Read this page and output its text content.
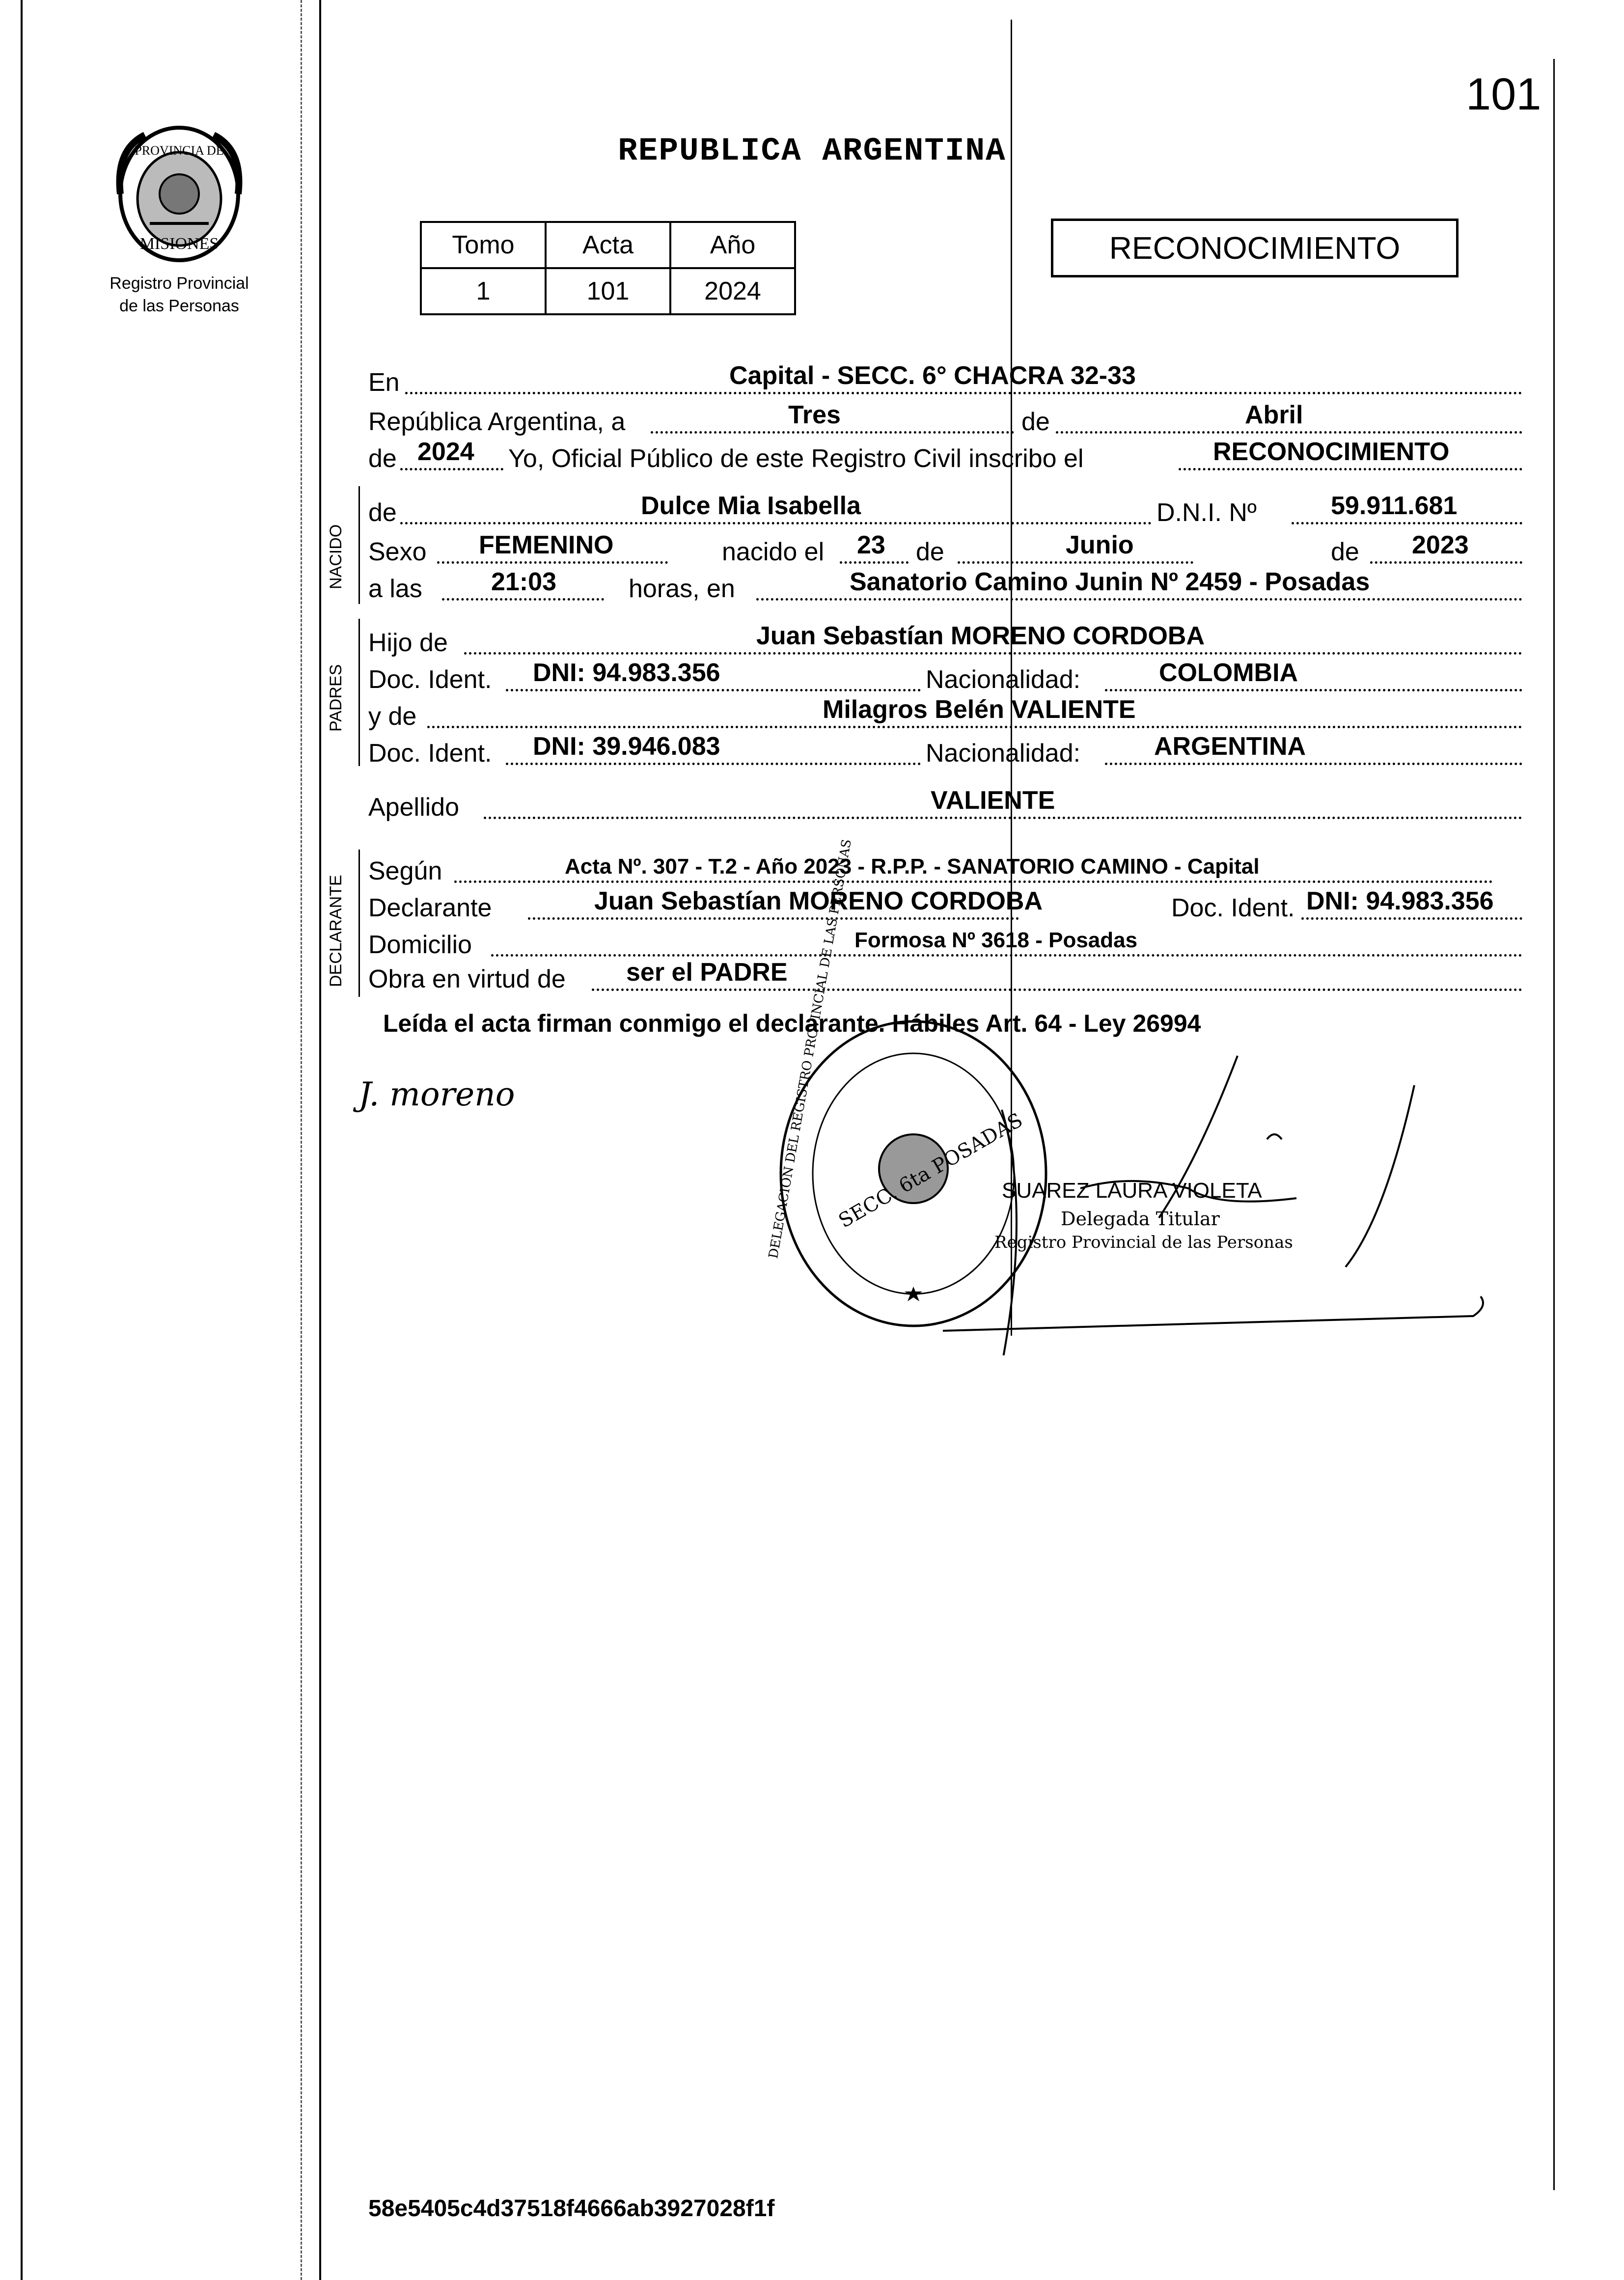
PROVINCIA DE
MISIONES
Registro Provincial
de las Personas
101
REPUBLICA ARGENTINA
Tomo	Acta	Año
1	101	2024
RECONOCIMIENTO
En	Capital - SECC. 6° CHACRA 32-33
República Argentina, a	Tres	de	Abril
de 2024 Yo, Oficial Público de este Registro Civil inscribo el	RECONOCIMIENTO
NACIDO
de	Dulce Mia Isabella	D.N.I. Nº	59.911.681
Sexo FEMENINO	nacido el 23 de	Junio	de 2023
a las	21:03	horas, en	Sanatorio Camino Junin Nº 2459 - Posadas
PADRES
Hijo de	Juan Sebastían MORENO CORDOBA
Doc. Ident. DNI: 94.983.356	Nacionalidad:	COLOMBIA
y de	Milagros Belén VALIENTE
Doc. Ident. DNI: 39.946.083	Nacionalidad:	ARGENTINA
Apellido	VALIENTE
DECLARANTE
Según	Acta Nº. 307 - T.2 - Año 2023 - R.P.P. - SANATORIO CAMINO - Capital
Declarante	Juan Sebastían MORENO CORDOBA	Doc. Ident. DNI: 94.983.356
Domicilio	Formosa Nº 3618 - Posadas
Obra en virtud de ser el PADRE
Leída el acta firman conmigo el declarante. Hábiles Art. 64 - Ley 26994
J. moreno
SECC. 6ta POSADAS
DELEGACION DEL REGISTRO PROVINCIAL DE LAS PERSONAS	SUAREZ LAURA VIOLETA
Delegada Titular
Registro Provincial de las Personas
58e5405c4d37518f4666ab3927028f1f
